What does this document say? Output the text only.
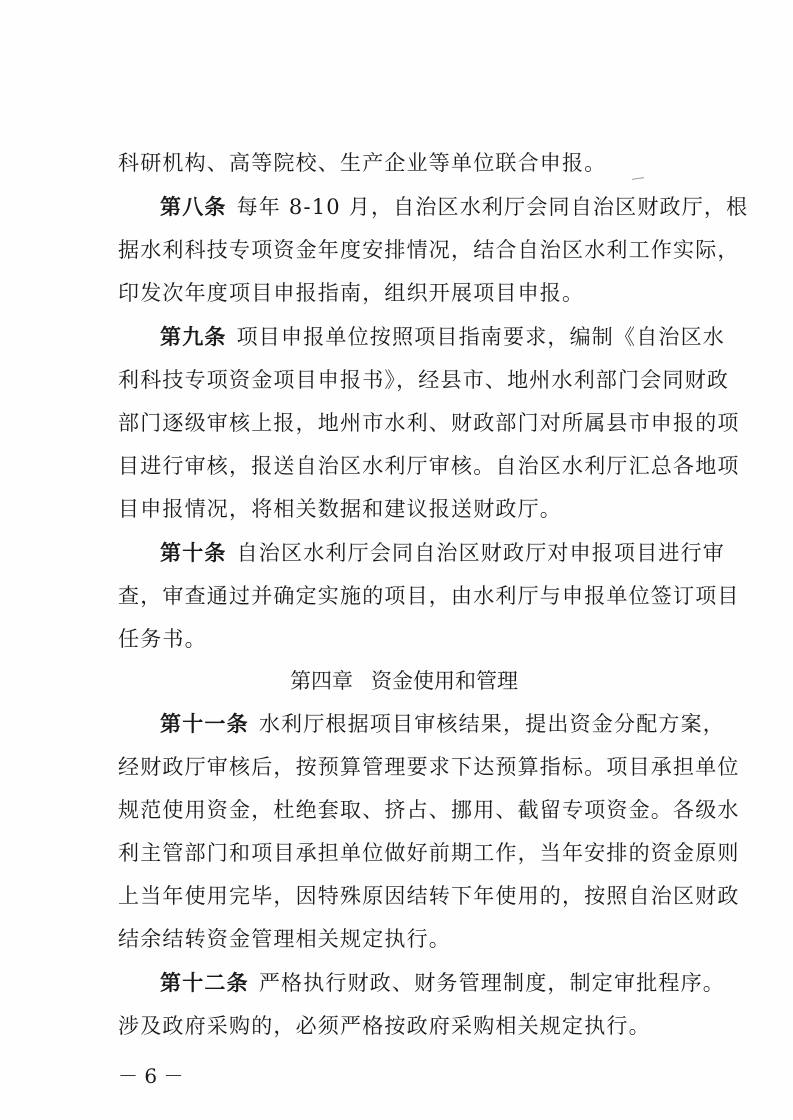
科研机构、高等院校、生产企业等单位联合申报。
第八条 每年 8-10 月，自治区水利厅会同自治区财政厅，根
据水利科技专项资金年度安排情况，结合自治区水利工作实际，
印发次年度项目申报指南，组织开展项目申报。
第九条 项目申报单位按照项目指南要求，编制《自治区水
利科技专项资金项目申报书》，经县市、地州水利部门会同财政
部门逐级审核上报，地州市水利、财政部门对所属县市申报的项
目进行审核，报送自治区水利厅审核。自治区水利厅汇总各地项
目申报情况，将相关数据和建议报送财政厅。
第十条 自治区水利厅会同自治区财政厅对申报项目进行审
查，审查通过并确定实施的项目，由水利厅与申报单位签订项目
任务书。
第四章 资金使用和管理
第十一条 水利厅根据项目审核结果，提出资金分配方案，
经财政厅审核后，按预算管理要求下达预算指标。项目承担单位
规范使用资金，杜绝套取、挤占、挪用、截留专项资金。各级水
利主管部门和项目承担单位做好前期工作，当年安排的资金原则
上当年使用完毕，因特殊原因结转下年使用的，按照自治区财政
结余结转资金管理相关规定执行。
第十二条 严格执行财政、财务管理制度，制定审批程序。
涉及政府采购的，必须严格按政府采购相关规定执行。
－ 6 －
